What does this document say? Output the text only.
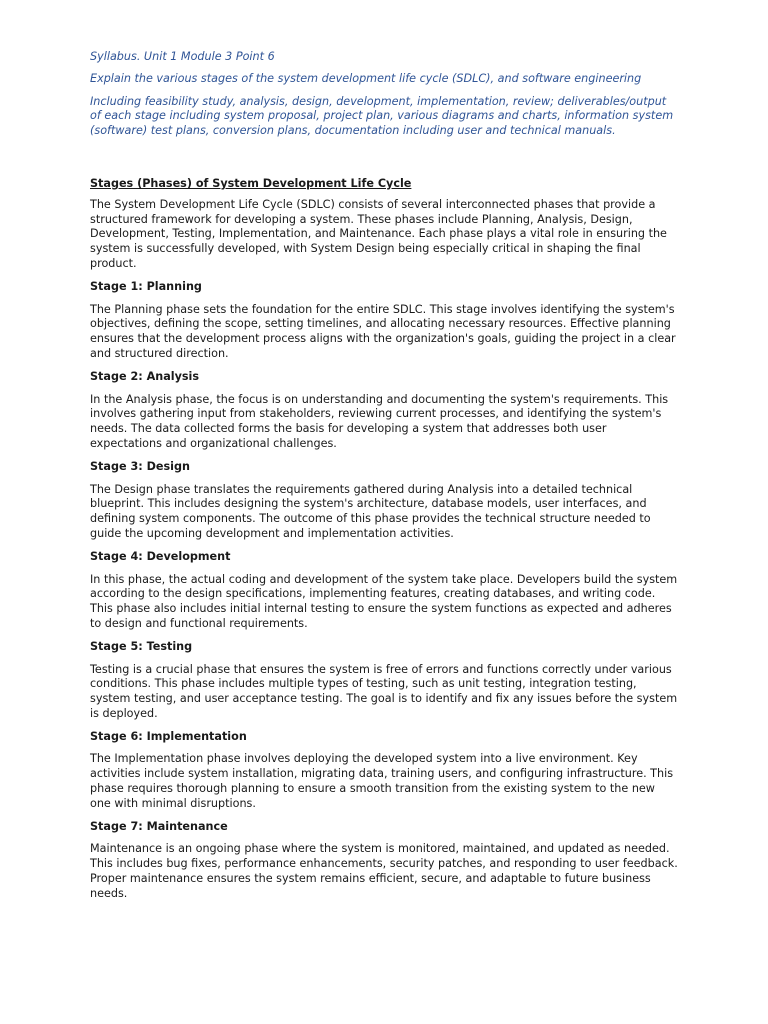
Syllabus. Unit 1 Module 3 Point 6

Explain the various stages of the system development life cycle (SDLC), and software engineering

Including feasibility study, analysis, design, development, implementation, review; deliverables/output of each stage including system proposal, project plan, various diagrams and charts, information system (software) test plans, conversion plans, documentation including user and technical manuals.

Stages (Phases) of System Development Life Cycle

The System Development Life Cycle (SDLC) consists of several interconnected phases that provide a structured framework for developing a system. These phases include Planning, Analysis, Design, Development, Testing, Implementation, and Maintenance. Each phase plays a vital role in ensuring the system is successfully developed, with System Design being especially critical in shaping the final product.

Stage 1: Planning

The Planning phase sets the foundation for the entire SDLC. This stage involves identifying the system's objectives, defining the scope, setting timelines, and allocating necessary resources. Effective planning ensures that the development process aligns with the organization's goals, guiding the project in a clear and structured direction.

Stage 2: Analysis

In the Analysis phase, the focus is on understanding and documenting the system's requirements. This involves gathering input from stakeholders, reviewing current processes, and identifying the system's needs. The data collected forms the basis for developing a system that addresses both user expectations and organizational challenges.

Stage 3: Design

The Design phase translates the requirements gathered during Analysis into a detailed technical blueprint. This includes designing the system's architecture, database models, user interfaces, and defining system components. The outcome of this phase provides the technical structure needed to guide the upcoming development and implementation activities.

Stage 4: Development

In this phase, the actual coding and development of the system take place. Developers build the system according to the design specifications, implementing features, creating databases, and writing code. This phase also includes initial internal testing to ensure the system functions as expected and adheres to design and functional requirements.

Stage 5: Testing

Testing is a crucial phase that ensures the system is free of errors and functions correctly under various conditions. This phase includes multiple types of testing, such as unit testing, integration testing, system testing, and user acceptance testing. The goal is to identify and fix any issues before the system is deployed.

Stage 6: Implementation

The Implementation phase involves deploying the developed system into a live environment. Key activities include system installation, migrating data, training users, and configuring infrastructure. This phase requires thorough planning to ensure a smooth transition from the existing system to the new one with minimal disruptions.

Stage 7: Maintenance

Maintenance is an ongoing phase where the system is monitored, maintained, and updated as needed. This includes bug fixes, performance enhancements, security patches, and responding to user feedback. Proper maintenance ensures the system remains efficient, secure, and adaptable to future business needs.
